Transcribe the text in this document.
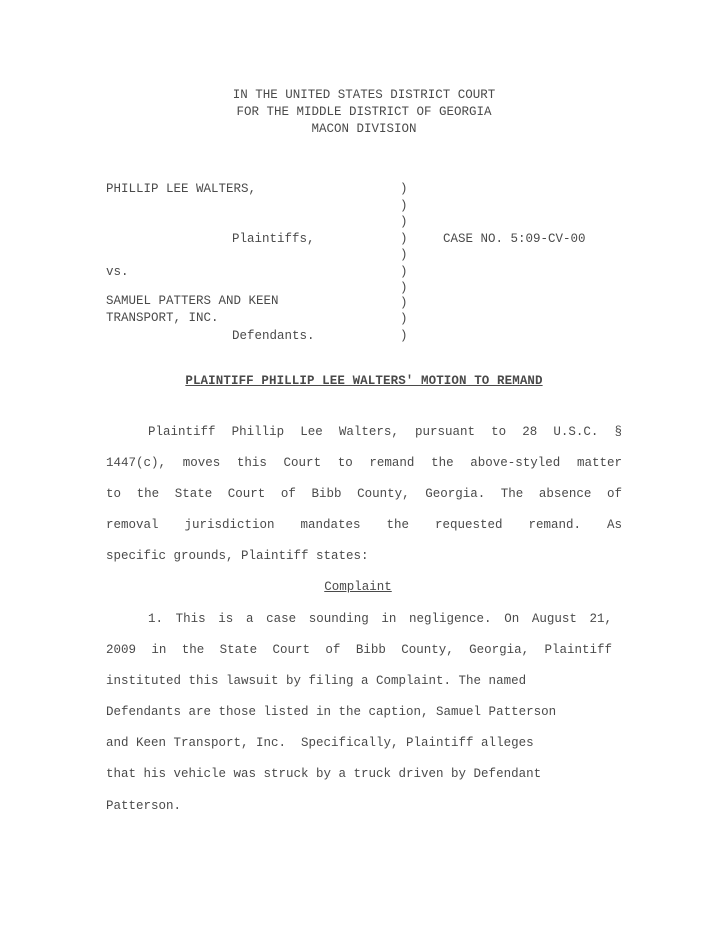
IN THE UNITED STATES DISTRICT COURT
FOR THE MIDDLE DISTRICT OF GEORGIA
MACON DIVISION
PHILLIP LEE WALTERS,
Plaintiffs,
vs.
SAMUEL PATTERS AND KEEN
TRANSPORT, INC.
Defendants.
)
)
)
)
)
)
)
)
)
)
CASE NO. 5:09-CV-00
PLAINTIFF PHILLIP LEE WALTERS' MOTION TO REMAND
Plaintiff Phillip Lee Walters, pursuant to 28 U.S.C. §
1447(c), moves this Court to remand the above-styled matter
to the State Court of Bibb County, Georgia. The absence of
removal jurisdiction mandates the requested remand. As
specific grounds, Plaintiff states:
Complaint
1. This is a case sounding in negligence. On August 21,
2009 in the State Court of Bibb County, Georgia, Plaintiff
instituted this lawsuit by filing a Complaint. The named
Defendants are those listed in the caption, Samuel Patterson
and Keen Transport, Inc.  Specifically, Plaintiff alleges
that his vehicle was struck by a truck driven by Defendant
Patterson.
